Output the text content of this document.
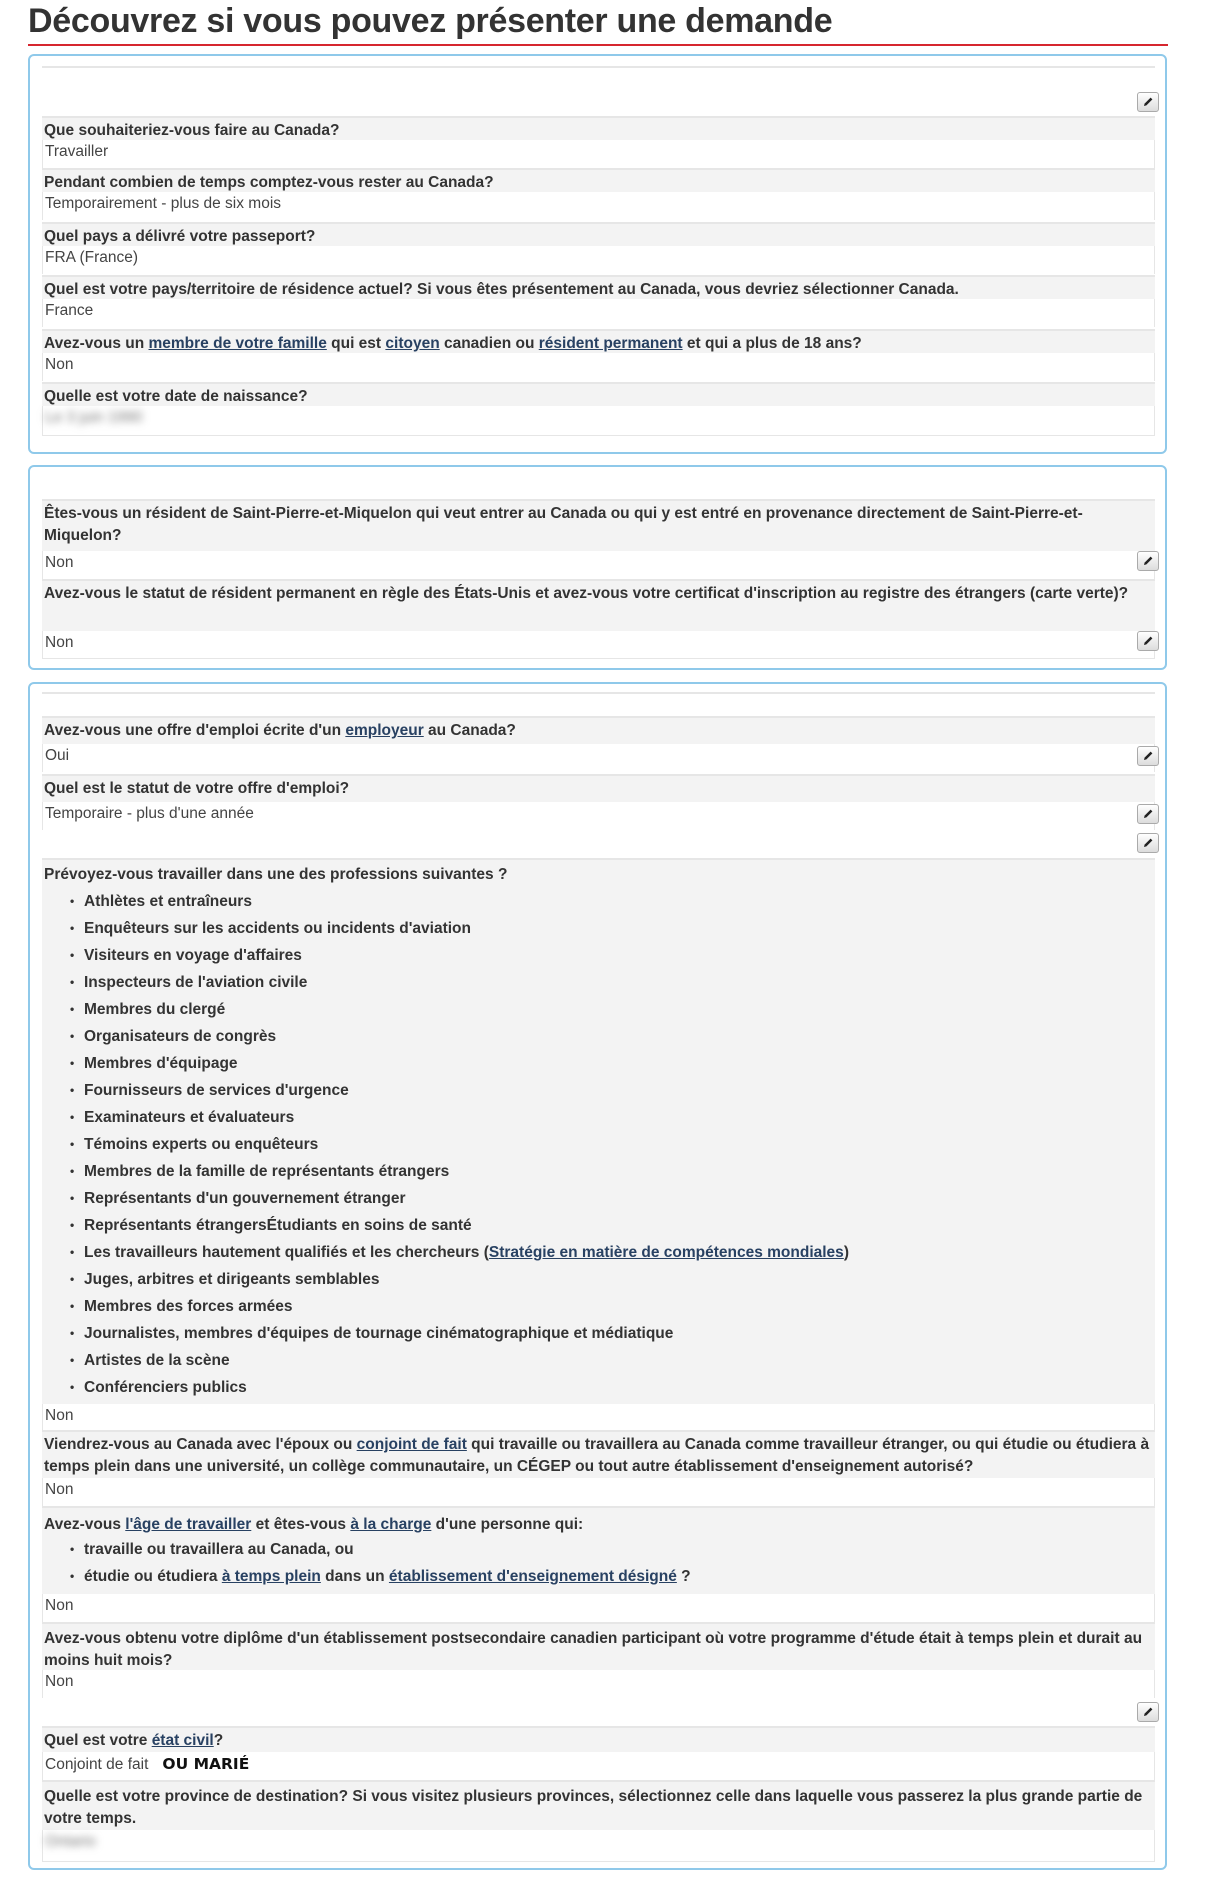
Découvrez si vous pouvez présenter une demande
Que souhaiteriez-vous faire au Canada?
Travailler
Pendant combien de temps comptez-vous rester au Canada?
Temporairement - plus de six mois
Quel pays a délivré votre passeport?
FRA (France)
Quel est votre pays/territoire de résidence actuel? Si vous êtes présentement au Canada, vous devriez sélectionner Canada.
France
Avez-vous un membre de votre famille qui est citoyen canadien ou résident permanent et qui a plus de 18 ans?
Non
Quelle est votre date de naissance?
Le 3 juin 1990
Êtes-vous un résident de Saint-Pierre-et-Miquelon qui veut entrer au Canada ou qui y est entré en provenance directement de Saint-Pierre-et-Miquelon?
Non
Avez-vous le statut de résident permanent en règle des États-Unis et avez-vous votre certificat d'inscription au registre des étrangers (carte verte)?
Non
Avez-vous une offre d'emploi écrite d'un employeur au Canada?
Oui
Quel est le statut de votre offre d'emploi?
Temporaire - plus d'une année
Prévoyez-vous travailler dans une des professions suivantes ?
• Athlètes et entraîneurs
• Enquêteurs sur les accidents ou incidents d'aviation
• Visiteurs en voyage d'affaires
• Inspecteurs de l'aviation civile
• Membres du clergé
• Organisateurs de congrès
• Membres d'équipage
• Fournisseurs de services d'urgence
• Examinateurs et évaluateurs
• Témoins experts ou enquêteurs
• Membres de la famille de représentants étrangers
• Représentants d'un gouvernement étranger
• Représentants étrangersÉtudiants en soins de santé
• Les travailleurs hautement qualifiés et les chercheurs (Stratégie en matière de compétences mondiales)
• Juges, arbitres et dirigeants semblables
• Membres des forces armées
• Journalistes, membres d'équipes de tournage cinématographique et médiatique
• Artistes de la scène
• Conférenciers publics
Non
Viendrez-vous au Canada avec l'époux ou conjoint de fait qui travaille ou travaillera au Canada comme travailleur étranger, ou qui étudie ou étudiera à temps plein dans une université, un collège communautaire, un CÉGEP ou tout autre établissement d'enseignement autorisé?
Non
Avez-vous l'âge de travailler et êtes-vous à la charge d'une personne qui:
• travaille ou travaillera au Canada, ou
• étudie ou étudiera à temps plein dans un établissement d'enseignement désigné ?
Non
Avez-vous obtenu votre diplôme d'un établissement postsecondaire canadien participant où votre programme d'étude était à temps plein et durait au moins huit mois?
Non
Quel est votre état civil?
Conjoint de fait OU MARIÉ
Quelle est votre province de destination? Si vous visitez plusieurs provinces, sélectionnez celle dans laquelle vous passerez la plus grande partie de votre temps.
Ontario
